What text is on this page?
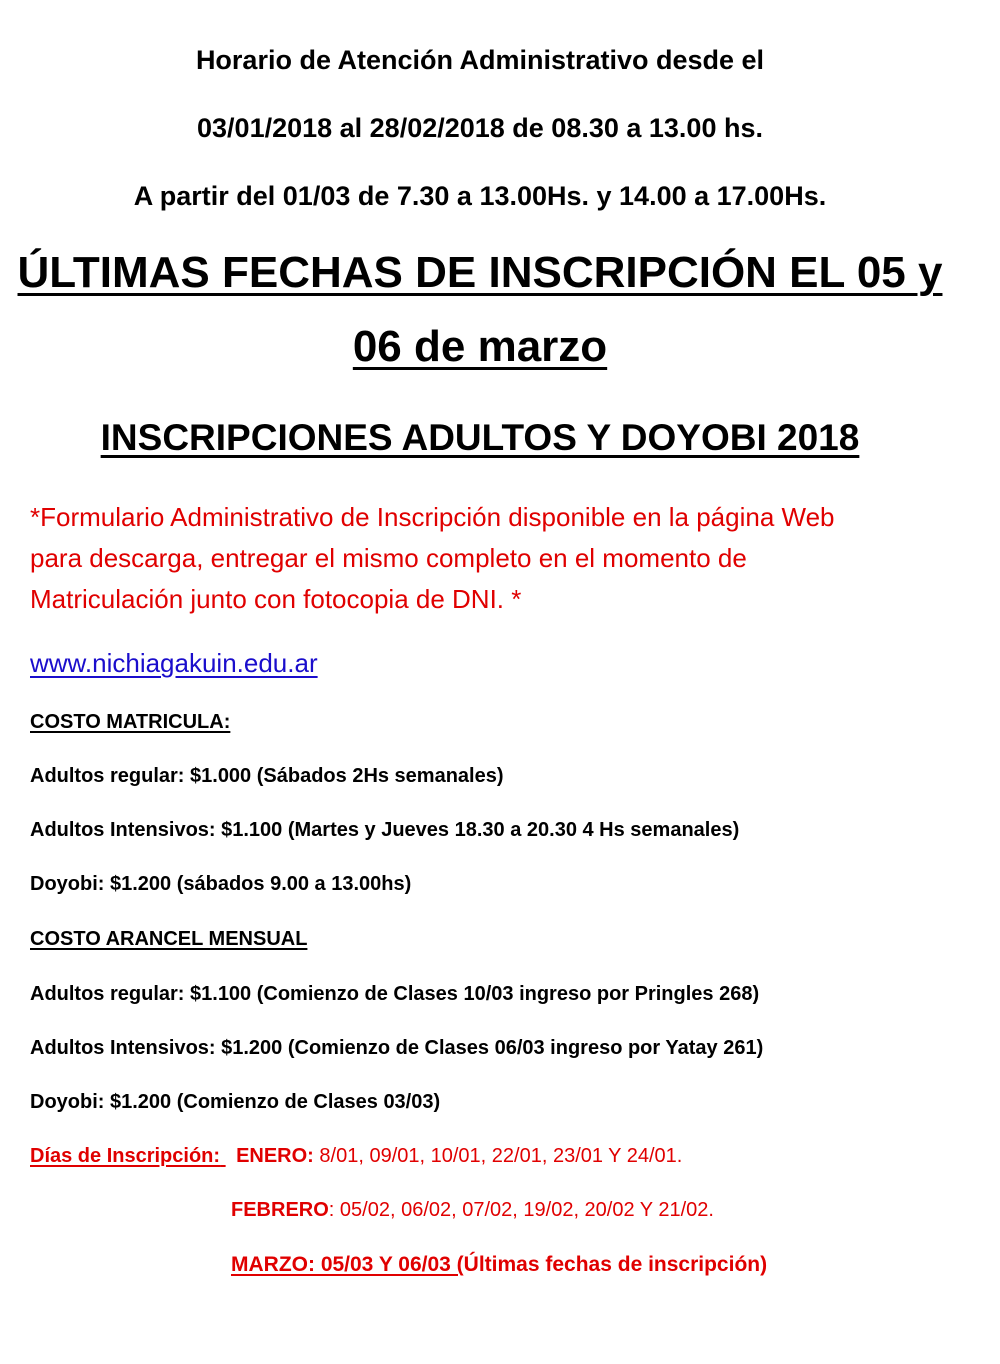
Horario de Atención Administrativo desde el
03/01/2018 al 28/02/2018 de 08.30 a 13.00 hs.
A partir del 01/03 de 7.30 a 13.00Hs. y 14.00 a 17.00Hs.
ÚLTIMAS FECHAS DE INSCRIPCIÓN EL 05 y
06 de marzo
INSCRIPCIONES ADULTOS Y DOYOBI 2018
*Formulario Administrativo de Inscripción disponible en la página Web
para descarga, entregar el mismo completo en el momento de
Matriculación junto con fotocopia de DNI. *
www.nichiagakuin.edu.ar
COSTO MATRICULA:
Adultos regular: $1.000 (Sábados 2Hs semanales)
Adultos Intensivos: $1.100 (Martes y Jueves 18.30 a 20.30 4 Hs semanales)
Doyobi: $1.200 (sábados 9.00 a 13.00hs)
COSTO ARANCEL MENSUAL
Adultos regular: $1.100 (Comienzo de Clases 10/03 ingreso por Pringles 268)
Adultos Intensivos: $1.200 (Comienzo de Clases 06/03 ingreso por Yatay 261)
Doyobi: $1.200 (Comienzo de Clases 03/03)
Días de Inscripción: ENERO: 8/01, 09/01, 10/01, 22/01, 23/01 Y 24/01.
FEBRERO: 05/02, 06/02, 07/02, 19/02, 20/02 Y 21/02.
MARZO: 05/03 Y 06/03 (Últimas fechas de inscripción)
